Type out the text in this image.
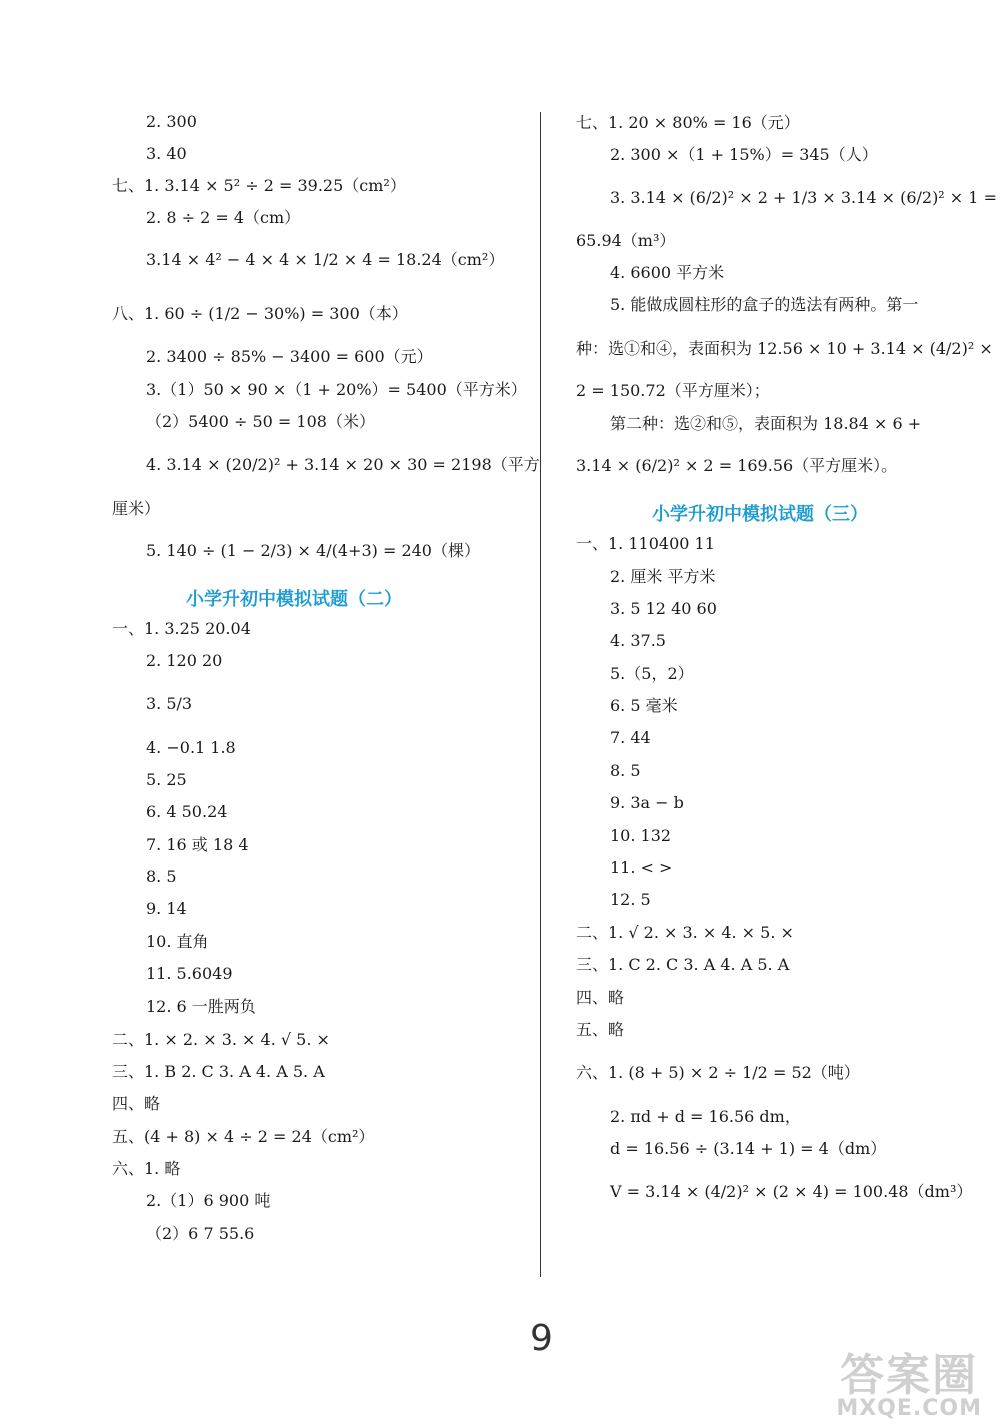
2. 300
3. 40
七、1. 3.14 × 5² ÷ 2 = 39.25（cm²）
2. 8 ÷ 2 = 4（cm）
3.14 × 4² − 4 × 4 × 1/2 × 4 = 18.24（cm²）
八、1. 60 ÷ (1/2 − 30%) = 300（本）
2. 3400 ÷ 85% − 3400 = 600（元）
3.（1）50 × 90 ×（1 + 20%）= 5400（平方米）
（2）5400 ÷ 50 = 108（米）
4. 3.14 × (20/2)² + 3.14 × 20 × 30 = 2198（平方
厘米）
5. 140 ÷ (1 − 2/3) × 4/(4+3) = 240（棵）
小学升初中模拟试题（二）
一、1. 3.25 20.04
2. 120 20
3. 5/3
4. −0.1 1.8
5. 25
6. 4 50.24
7. 16 或 18 4
8. 5
9. 14
10. 直角
11. 5.6049
12. 6 一胜两负
二、1. × 2. × 3. × 4. √ 5. ×
三、1. B 2. C 3. A 4. A 5. A
四、略
五、(4 + 8) × 4 ÷ 2 = 24（cm²）
六、1. 略
2.（1）6 900 吨
（2）6 7 55.6
七、1. 20 × 80% = 16（元）
2. 300 ×（1 + 15%）= 345（人）
3. 3.14 × (6/2)² × 2 + 1/3 × 3.14 × (6/2)² × 1 =
65.94（m³）
4. 6600 平方米
5. 能做成圆柱形的盒子的选法有两种。第一
种：选①和④，表面积为 12.56 × 10 + 3.14 × (4/2)² ×
2 = 150.72（平方厘米）；
第二种：选②和⑤，表面积为 18.84 × 6 +
3.14 × (6/2)² × 2 = 169.56（平方厘米）。
小学升初中模拟试题（三）
一、1. 110400 11
2. 厘米 平方米
3. 5 12 40 60
4. 37.5
5.（5，2）
6. 5 毫米
7. 44
8. 5
9. 3a − b
10. 132
11. < >
12. 5
二、1. √ 2. × 3. × 4. × 5. ×
三、1. C 2. C 3. A 4. A 5. A
四、略
五、略
六、1. (8 + 5) × 2 ÷ 1/2 = 52（吨）
2. πd + d = 16.56 dm，
d = 16.56 ÷ (3.14 + 1) = 4（dm）
V = 3.14 × (4/2)² × (2 × 4) = 100.48（dm³）
9
答案圈
MXQE.COM
